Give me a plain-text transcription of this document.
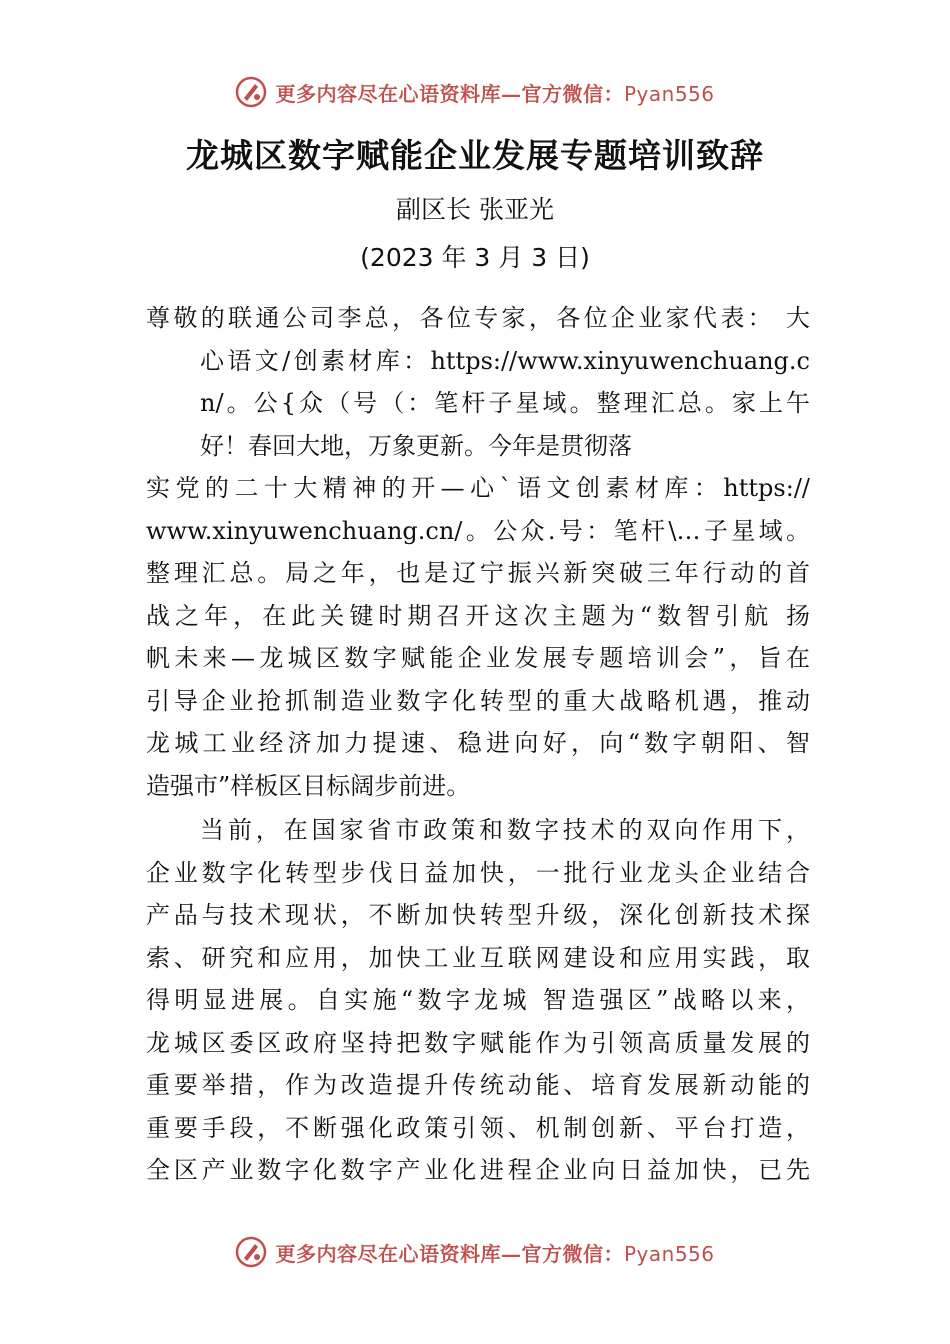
更多内容尽在心语资料库—官方微信：Pyan556
龙城区数字赋能企业发展专题培训致辞
副区长 张亚光
(2023 年 3 月 3 日)
尊敬的联通公司李总，各位专家，各位企业家代表： 大
心语文/创素材库：https://www.xinyuwenchuang.c
n/。公{众（号（：笔杆子星域。整理汇总。家上午
好！春回大地，万象更新。今年是贯彻落
实党的二十大精神的开—心`语文创素材库：https://
www.xinyuwenchuang.cn/。公众.号：笔杆\…子星域。
整理汇总。局之年，也是辽宁振兴新突破三年行动的首
战之年，在此关键时期召开这次主题为“数智引航 扬
帆未来—龙城区数字赋能企业发展专题培训会”，旨在
引导企业抢抓制造业数字化转型的重大战略机遇，推动
龙城工业经济加力提速、稳进向好，向“数字朝阳、智
造强市”样板区目标阔步前进。
当前，在国家省市政策和数字技术的双向作用下，
企业数字化转型步伐日益加快，一批行业龙头企业结合
产品与技术现状，不断加快转型升级，深化创新技术探
索、研究和应用，加快工业互联网建设和应用实践，取
得明显进展。自实施“数字龙城 智造强区”战略以来，
龙城区委区政府坚持把数字赋能作为引领高质量发展的
重要举措，作为改造提升传统动能、培育发展新动能的
重要手段，不断强化政策引领、机制创新、平台打造，
全区产业数字化数字产业化进程企业向日益加快，已先
更多内容尽在心语资料库—官方微信：Pyan556
